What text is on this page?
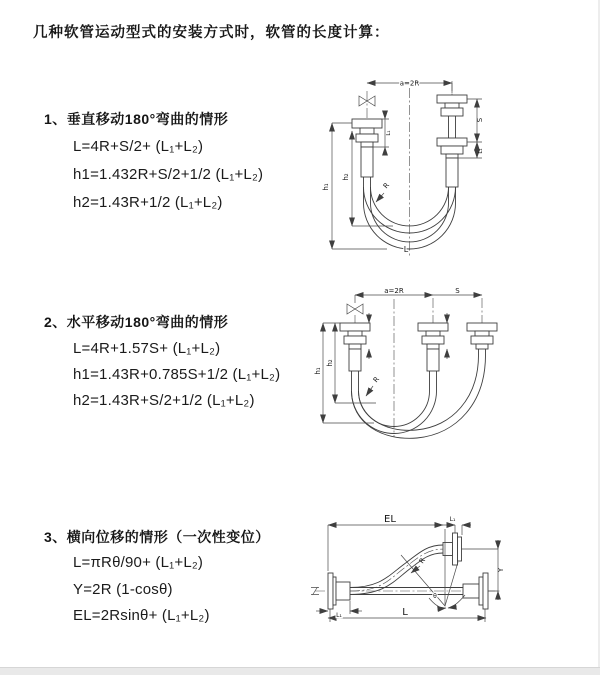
几种软管运动型式的安装方式时，软管的长度计算：
1、垂直移动180°弯曲的情形
L=4R+S/2+ (L₁+L₂)
h1=1.432R+S/2+1/2 (L₁+L₂)
h2=1.43R+1/2 (L₁+L₂)
2、水平移动180°弯曲的情形
L=4R+1.57S+ (L₁+L₂)
h1=1.43R+0.785S+1/2 (L₁+L₂)
h2=1.43R+S/2+1/2 (L₁+L₂)
3、横向位移的情形（一次性变位）
L=πRθ/90+ (L₁+L₂)
Y=2R (1-cosθ)
EL=2Rsinθ+ (L₁+L₂)
a=2R
h₁
h₂
L₁
S
L₁
R
L
a=2R	S
h₁
h₂
R
EL	L₁
Y
R
θ
L
L₁
